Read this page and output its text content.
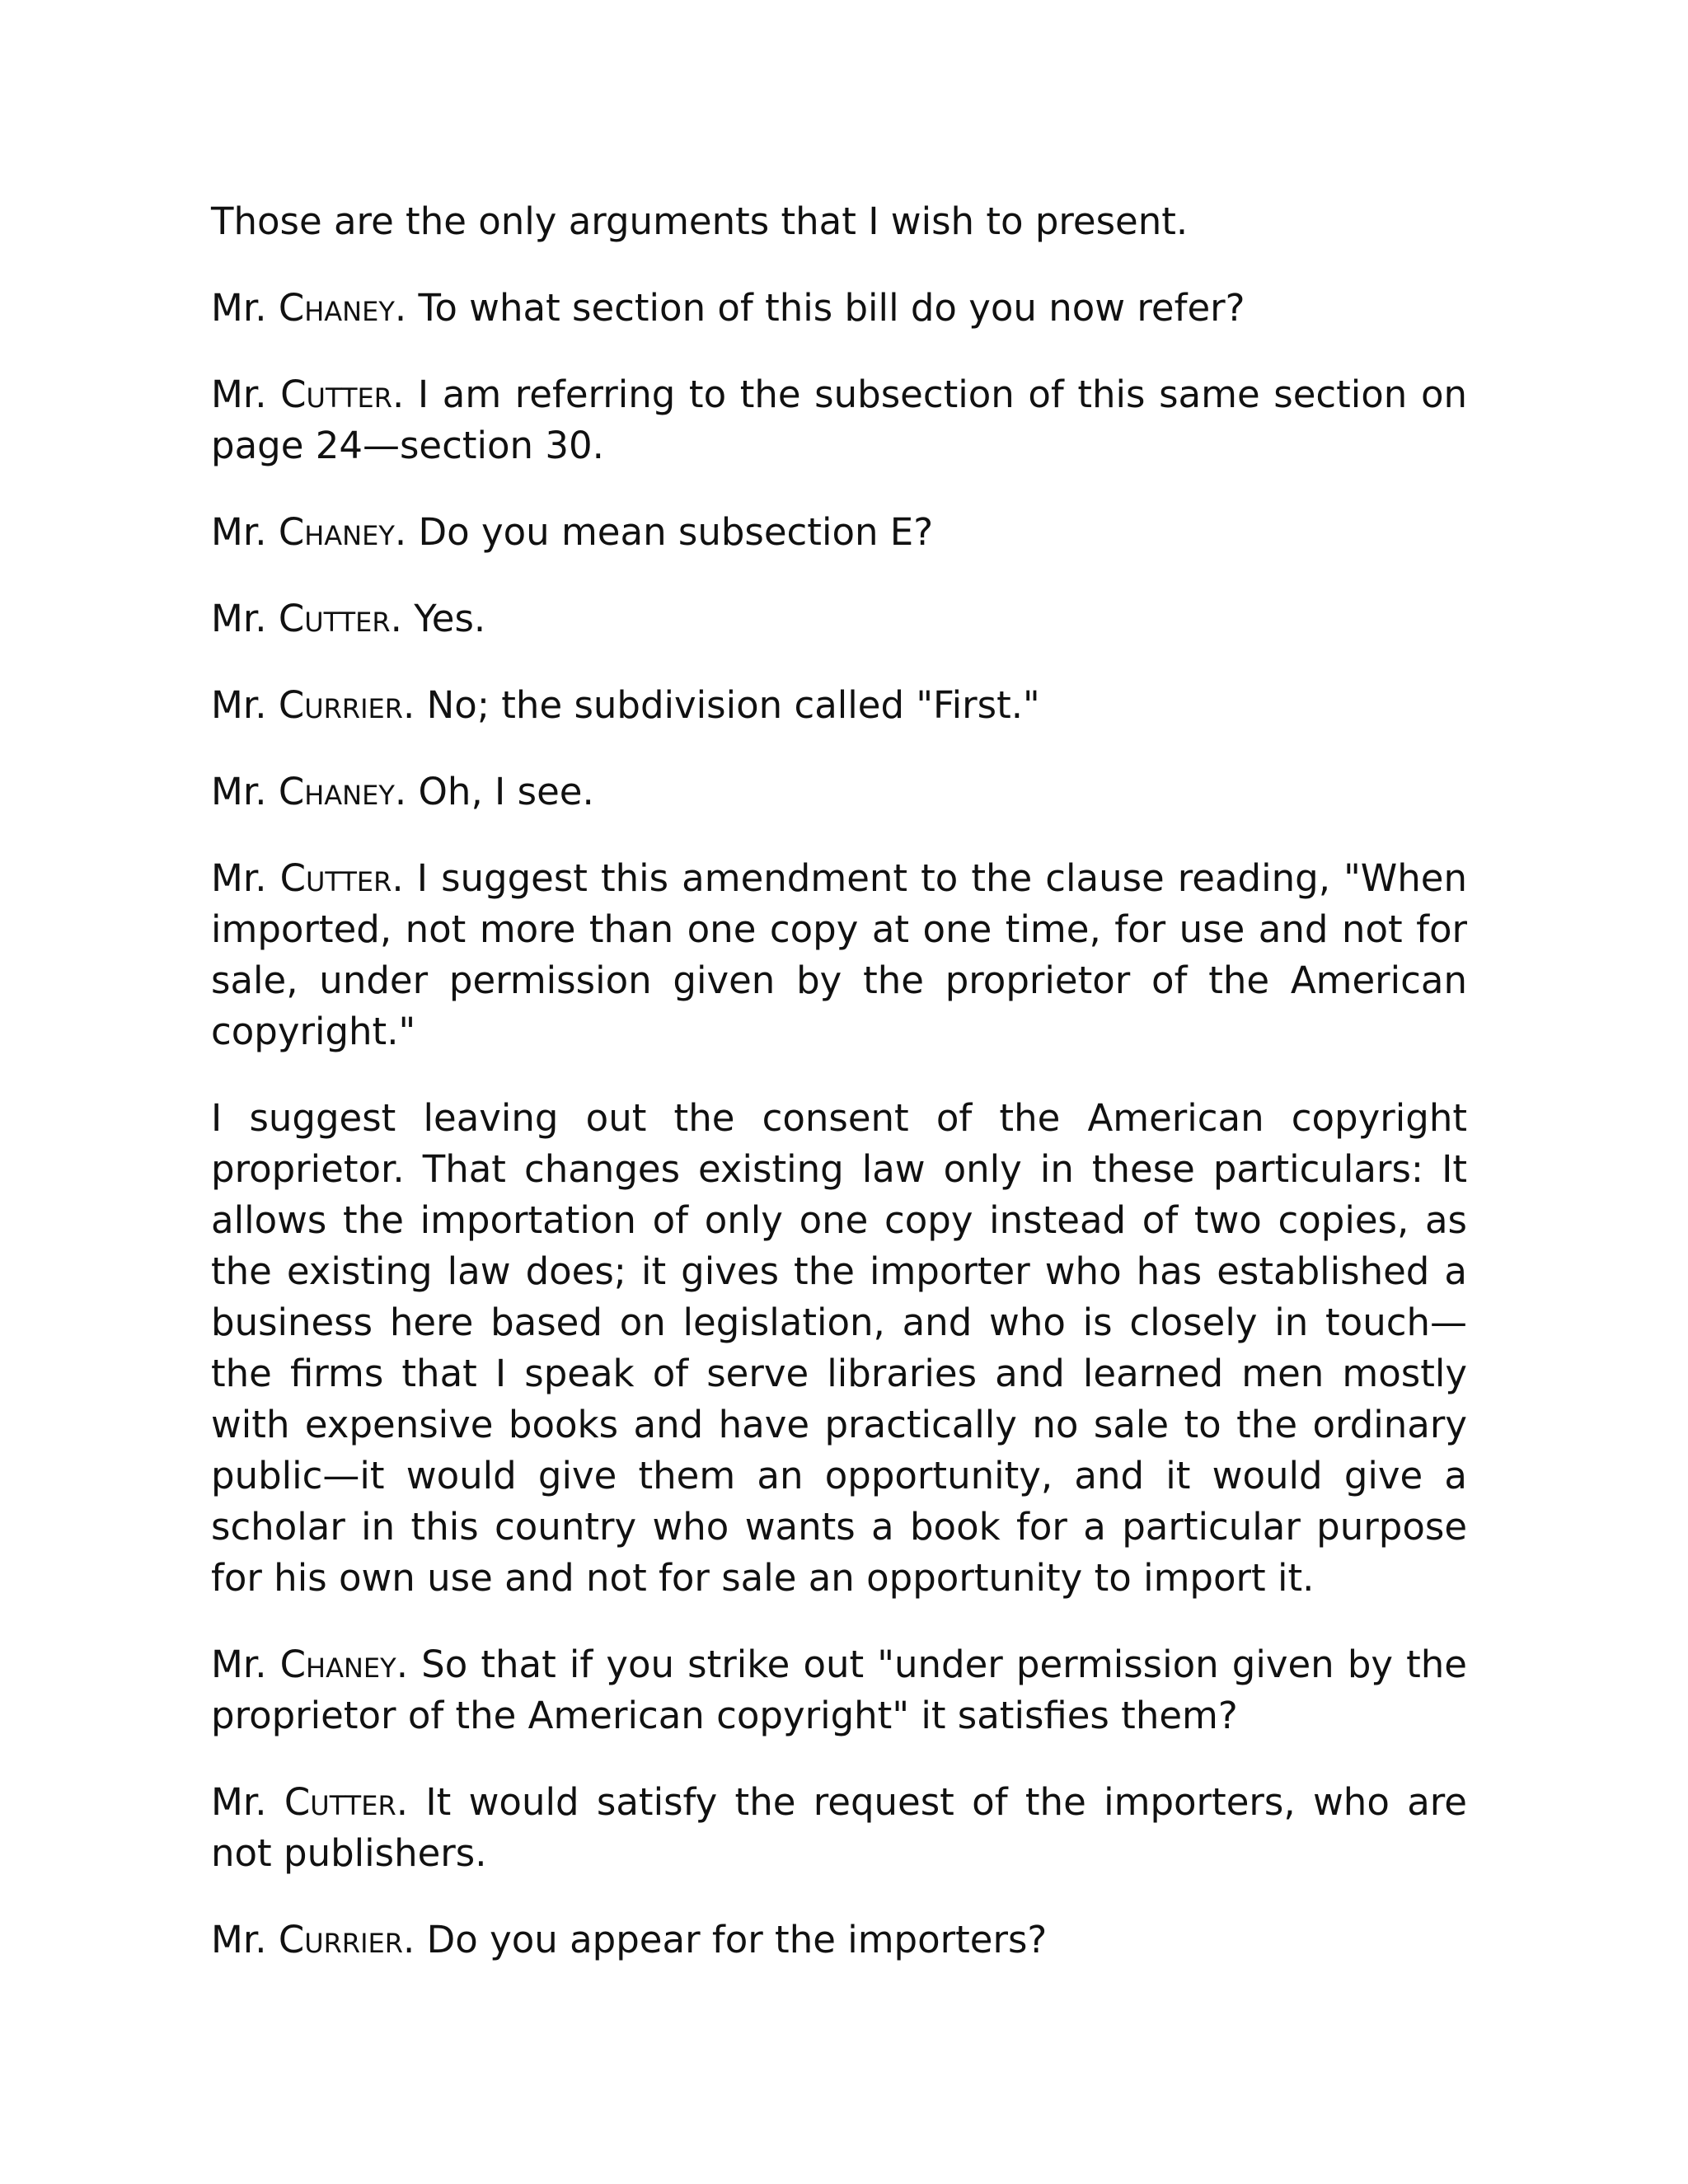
Those are the only arguments that I wish to present.

Mr. Chaney. To what section of this bill do you now refer?

Mr. Cutter. I am referring to the subsection of this same section on page 24—section 30.

Mr. Chaney. Do you mean subsection E?

Mr. Cutter. Yes.

Mr. Currier. No; the subdivision called "First."

Mr. Chaney. Oh, I see.

Mr. Cutter. I suggest this amendment to the clause reading, "When imported, not more than one copy at one time, for use and not for sale, under permission given by the proprietor of the American copyright."

I suggest leaving out the consent of the American copyright proprietor. That changes existing law only in these particulars: It allows the importation of only one copy instead of two copies, as the existing law does; it gives the importer who has established a business here based on legislation, and who is closely in touch—the firms that I speak of serve libraries and learned men mostly with expensive books and have practically no sale to the ordinary public—it would give them an opportunity, and it would give a scholar in this country who wants a book for a particular purpose for his own use and not for sale an opportunity to import it.

Mr. Chaney. So that if you strike out "under permission given by the proprietor of the American copyright" it satisfies them?

Mr. Cutter. It would satisfy the request of the importers, who are not publishers.

Mr. Currier. Do you appear for the importers?
